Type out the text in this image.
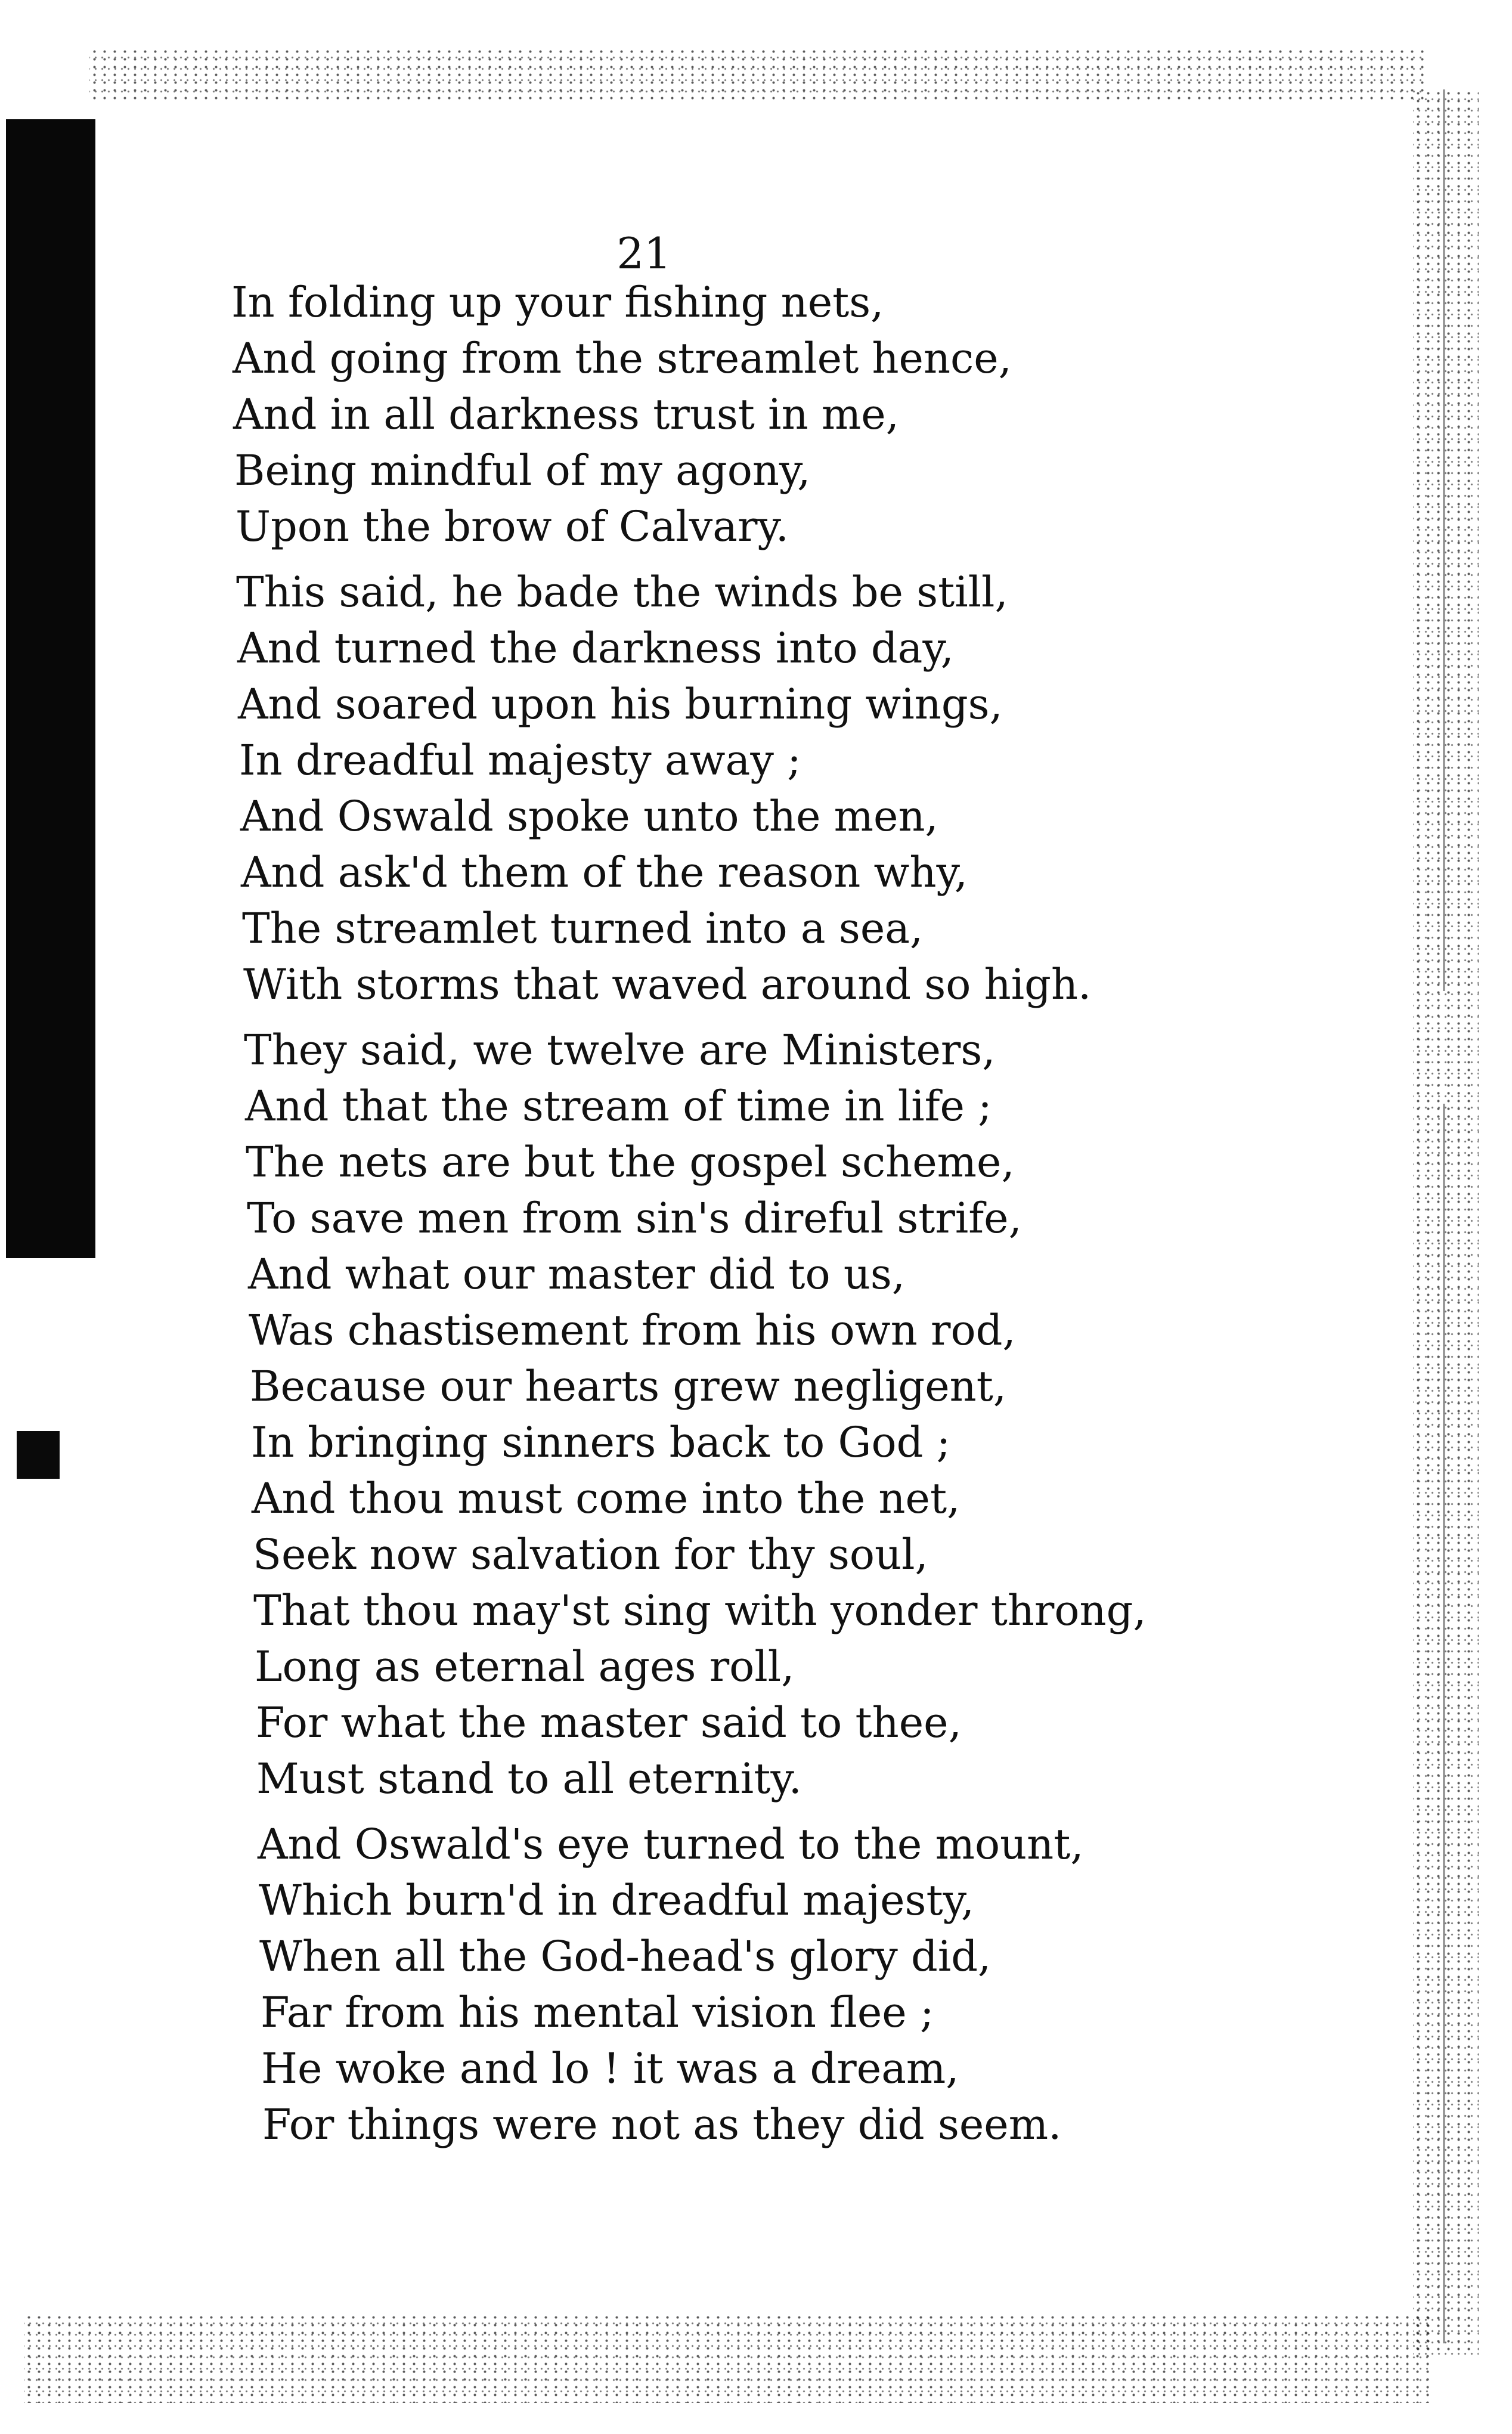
21
In folding up your fishing nets,
And going from the streamlet hence,
And in all darkness trust in me,
Being mindful of my agony,
Upon the brow of Calvary.
This said, he bade the winds be still,
And turned the darkness into day,
And soared upon his burning wings,
In dreadful majesty away ;
And Oswald spoke unto the men,
And ask'd them of the reason why,
The streamlet turned into a sea,
With storms that waved around so high.
They said, we twelve are Ministers,
And that the stream of time in life ;
The nets are but the gospel scheme,
To save men from sin's direful strife,
And what our master did to us,
Was chastisement from his own rod,
Because our hearts grew negligent,
In bringing sinners back to God ;
And thou must come into the net,
Seek now salvation for thy soul,
That thou may'st sing with yonder throng,
Long as eternal ages roll,
For what the master said to thee,
Must stand to all eternity.
And Oswald's eye turned to the mount,
Which burn'd in dreadful majesty,
When all the God-head's glory did,
Far from his mental vision flee ;
He woke and lo ! it was a dream,
For things were not as they did seem.
